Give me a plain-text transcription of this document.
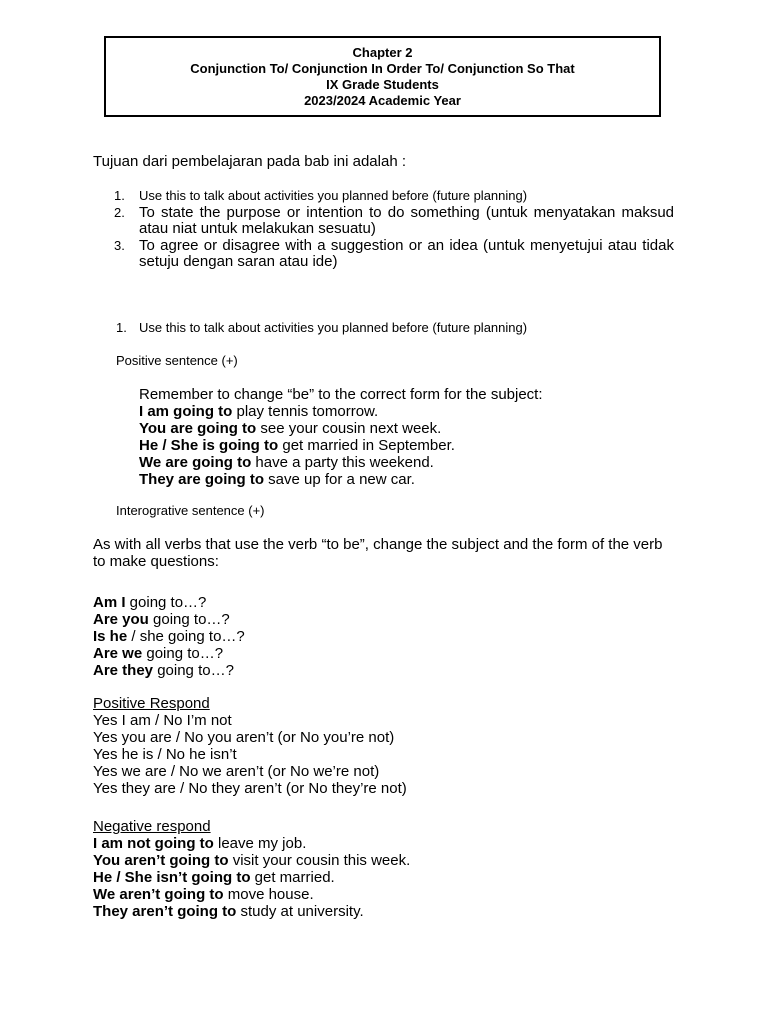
Chapter 2
Conjunction To/ Conjunction In Order To/ Conjunction So That
IX Grade Students
2023/2024 Academic Year
Tujuan dari pembelajaran pada bab ini adalah :
1.	Use this to talk about activities you planned before (future planning)
2. To state the purpose or intention to do something (untuk menyatakan maksud atau niat untuk melakukan sesuatu)
3. To agree or disagree with a suggestion or an idea (untuk menyetujui atau tidak setuju dengan saran atau ide)
1. Use this to talk about activities you planned before (future planning)
Positive sentence (+)
Remember to change “be” to the correct form for the subject:
I am going to play tennis tomorrow.
You are going to see your cousin next week.
He / She is going to get married in September.
We are going to have a party this weekend.
They are going to save up for a new car.
Interogrative sentence (+)
As with all verbs that use the verb “to be”, change the subject and the form of the verb to make questions:
Am I going to…?
Are you going to…?
Is he / she going to…?
Are we going to…?
Are they going to…?
Positive Respond
Yes I am / No I’m not
Yes you are / No you aren’t (or No you’re not)
Yes he is / No he isn’t
Yes we are / No we aren’t (or No we’re not)
Yes they are / No they aren’t (or No they’re not)
Negative respond
I am not going to leave my job.
You aren’t going to visit your cousin this week.
He / She isn’t going to get married.
We aren’t going to move house.
They aren’t going to study at university.
